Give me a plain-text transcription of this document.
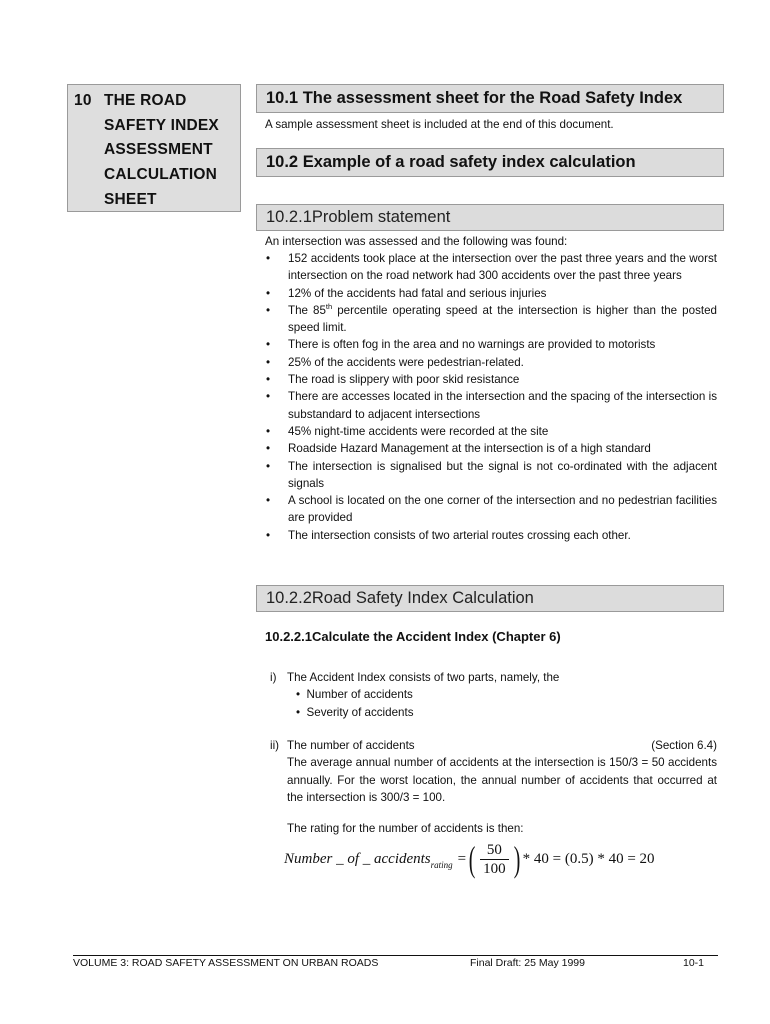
10 THE ROAD
SAFETY INDEX
ASSESSMENT
CALCULATION
SHEET
10.1 The assessment sheet for the Road Safety Index
A sample assessment sheet is included at the end of this document.
10.2 Example of a road safety index calculation
10.2.1Problem statement
An intersection was assessed and the following was found:
• 152 accidents took place at the intersection over the past three years and the worst intersection on the road network had 300 accidents over the past three years
• 12% of the accidents had fatal and serious injuries
• The 85th percentile operating speed at the intersection is higher than the posted speed limit.
• There is often fog in the area and no warnings are provided to motorists
• 25% of the accidents were pedestrian-related.
• The road is slippery with poor skid resistance
• There are accesses located in the intersection and the spacing of the intersection is substandard to adjacent intersections
• 45% night-time accidents were recorded at the site
• Roadside Hazard Management at the intersection is of a high standard
• The intersection is signalised but the signal is not co-ordinated with the adjacent signals
• A school is located on the one corner of the intersection and no pedestrian facilities are provided
• The intersection consists of two arterial routes crossing each other.
10.2.2Road Safety Index Calculation
10.2.2.1Calculate the Accident Index (Chapter 6)
i) The Accident Index consists of two parts, namely, the
•  Number of accidents
•  Severity of accidents
ii) The number of accidents	(Section 6.4)
The average annual number of accidents at the intersection is 150/3 = 50 accidents annually. For the worst location, the annual number of accidents that occurred at the intersection is 300/3 = 100.
The rating for the number of accidents is then:
Number _ of _ accidents rating = ( $\frac{50}{100}$ ) * 40 = (0.5) * 40 = 20
VOLUME 3: ROAD SAFETY ASSESSMENT ON URBAN ROADS	Final Draft: 25 May 1999	10-1
